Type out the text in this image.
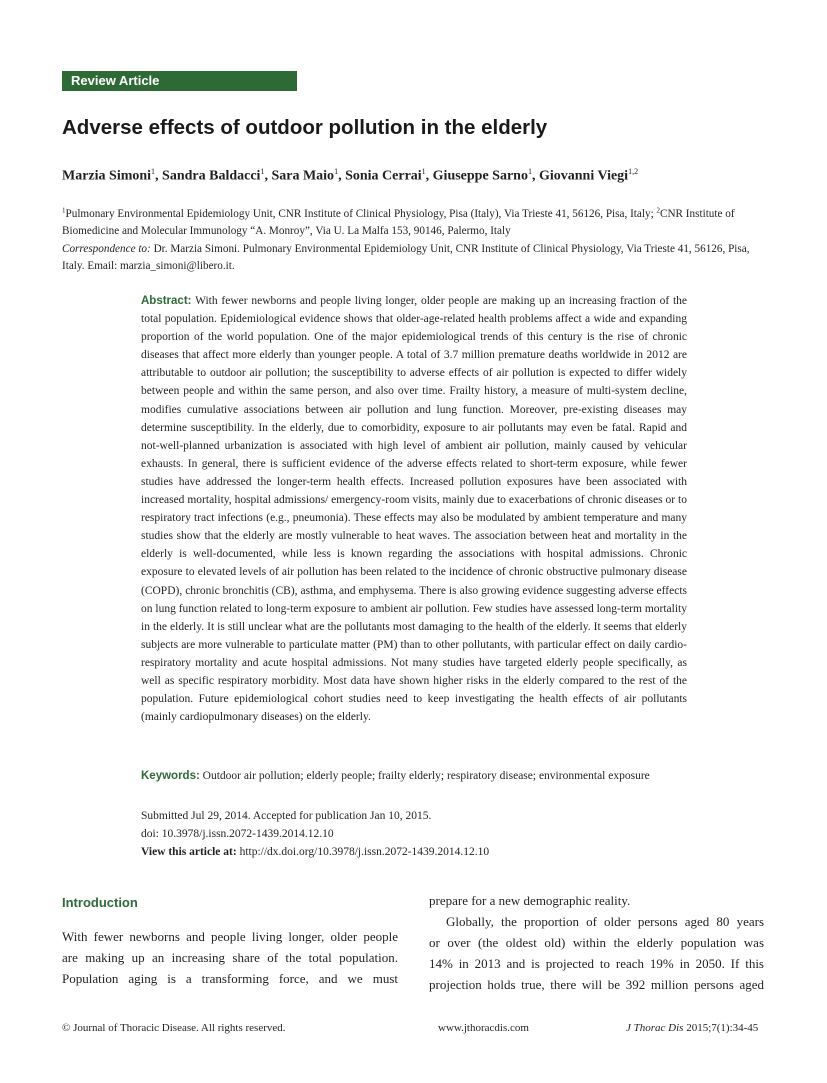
Review Article
Adverse effects of outdoor pollution in the elderly
Marzia Simoni$^1$, Sandra Baldacci$^1$, Sara Maio$^1$, Sonia Cerrai$^1$, Giuseppe Sarno$^1$, Giovanni Viegi$^{1,2}$
$^1$Pulmonary Environmental Epidemiology Unit, CNR Institute of Clinical Physiology, Pisa (Italy), Via Trieste 41, 56126, Pisa, Italy; $^2$CNR Institute of Biomedicine and Molecular Immunology “A. Monroy”, Via U. La Malfa 153, 90146, Palermo, Italy
Correspondence to: Dr. Marzia Simoni. Pulmonary Environmental Epidemiology Unit, CNR Institute of Clinical Physiology, Via Trieste 41, 56126, Pisa, Italy. Email: marzia_simoni@libero.it.
Abstract: With fewer newborns and people living longer, older people are making up an increasing fraction of the total population. Epidemiological evidence shows that older-age-related health problems affect a wide and expanding proportion of the world population. One of the major epidemiological trends of this century is the rise of chronic diseases that affect more elderly than younger people. A total of 3.7 million premature deaths worldwide in 2012 are attributable to outdoor air pollution; the susceptibility to adverse effects of air pollution is expected to differ widely between people and within the same person, and also over time. Frailty history, a measure of multi-system decline, modifies cumulative associations between air pollution and lung function. Moreover, pre-existing diseases may determine susceptibility. In the elderly, due to comorbidity, exposure to air pollutants may even be fatal. Rapid and not-well-planned urbanization is associated with high level of ambient air pollution, mainly caused by vehicular exhausts. In general, there is sufficient evidence of the adverse effects related to short-term exposure, while fewer studies have addressed the longer-term health effects. Increased pollution exposures have been associated with increased mortality, hospital admissions/ emergency-room visits, mainly due to exacerbations of chronic diseases or to respiratory tract infections (e.g., pneumonia). These effects may also be modulated by ambient temperature and many studies show that the elderly are mostly vulnerable to heat waves. The association between heat and mortality in the elderly is well-documented, while less is known regarding the associations with hospital admissions. Chronic exposure to elevated levels of air pollution has been related to the incidence of chronic obstructive pulmonary disease (COPD), chronic bronchitis (CB), asthma, and emphysema. There is also growing evidence suggesting adverse effects on lung function related to long-term exposure to ambient air pollution. Few studies have assessed long-term mortality in the elderly. It is still unclear what are the pollutants most damaging to the health of the elderly. It seems that elderly subjects are more vulnerable to particulate matter (PM) than to other pollutants, with particular effect on daily cardio-respiratory mortality and acute hospital admissions. Not many studies have targeted elderly people specifically, as well as specific respiratory morbidity. Most data have shown higher risks in the elderly compared to the rest of the population. Future epidemiological cohort studies need to keep investigating the health effects of air pollutants (mainly cardiopulmonary diseases) on the elderly.
Keywords: Outdoor air pollution; elderly people; frailty elderly; respiratory disease; environmental exposure
Submitted Jul 29, 2014. Accepted for publication Jan 10, 2015.
doi: 10.3978/j.issn.2072-1439.2014.12.10
View this article at: http://dx.doi.org/10.3978/j.issn.2072-1439.2014.12.10
Introduction
With fewer newborns and people living longer, older people
are making up an increasing share of the total population.
Population aging is a transforming force, and we must
prepare for a new demographic reality.
Globally, the proportion of older persons aged 80 years
or over (the oldest old) within the elderly population was
14% in 2013 and is projected to reach 19% in 2050. If this
projection holds true, there will be 392 million persons aged
© Journal of Thoracic Disease. All rights reserved.	www.jthoracdis.com	J Thorac Dis 2015;7(1):34-45
